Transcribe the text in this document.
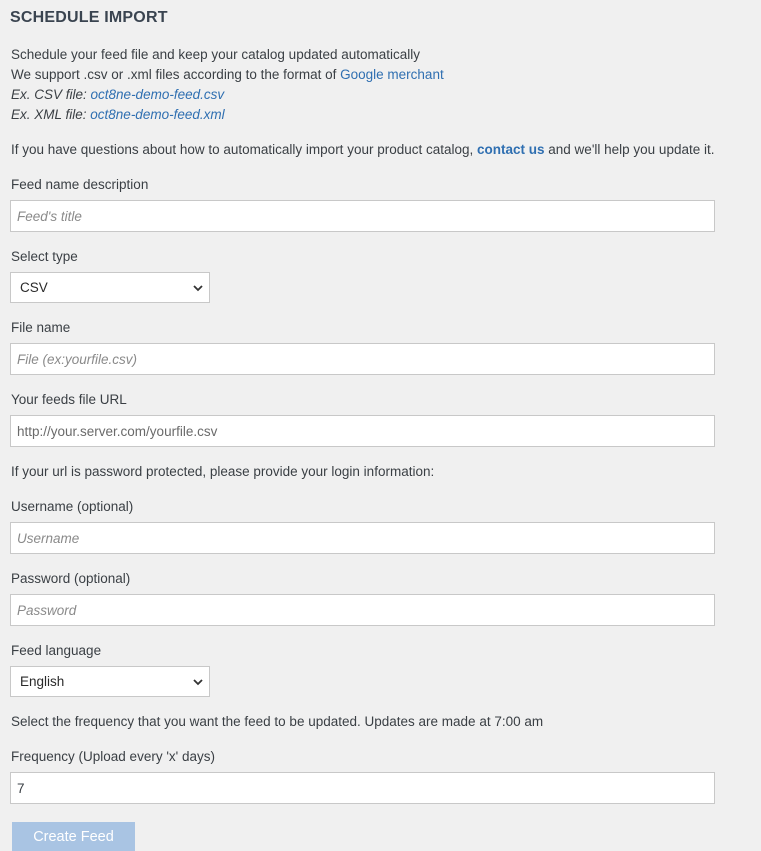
SCHEDULE IMPORT
Schedule your feed file and keep your catalog updated automatically
We support .csv or .xml files according to the format of Google merchant
Ex. CSV file: oct8ne-demo-feed.csv
Ex. XML file: oct8ne-demo-feed.xml
If you have questions about how to automatically import your product catalog, contact us and we'll help you update it.
Feed name description
Feed's title
Select type
CSV
File name
File (ex:yourfile.csv)
Your feeds file URL
http://your.server.com/yourfile.csv
If your url is password protected, please provide your login information:
Username (optional)
Username
Password (optional)
Feed language
English
Select the frequency that you want the feed to be updated. Updates are made at 7:00 am
Frequency (Upload every 'x' days)
7
Create Feed
